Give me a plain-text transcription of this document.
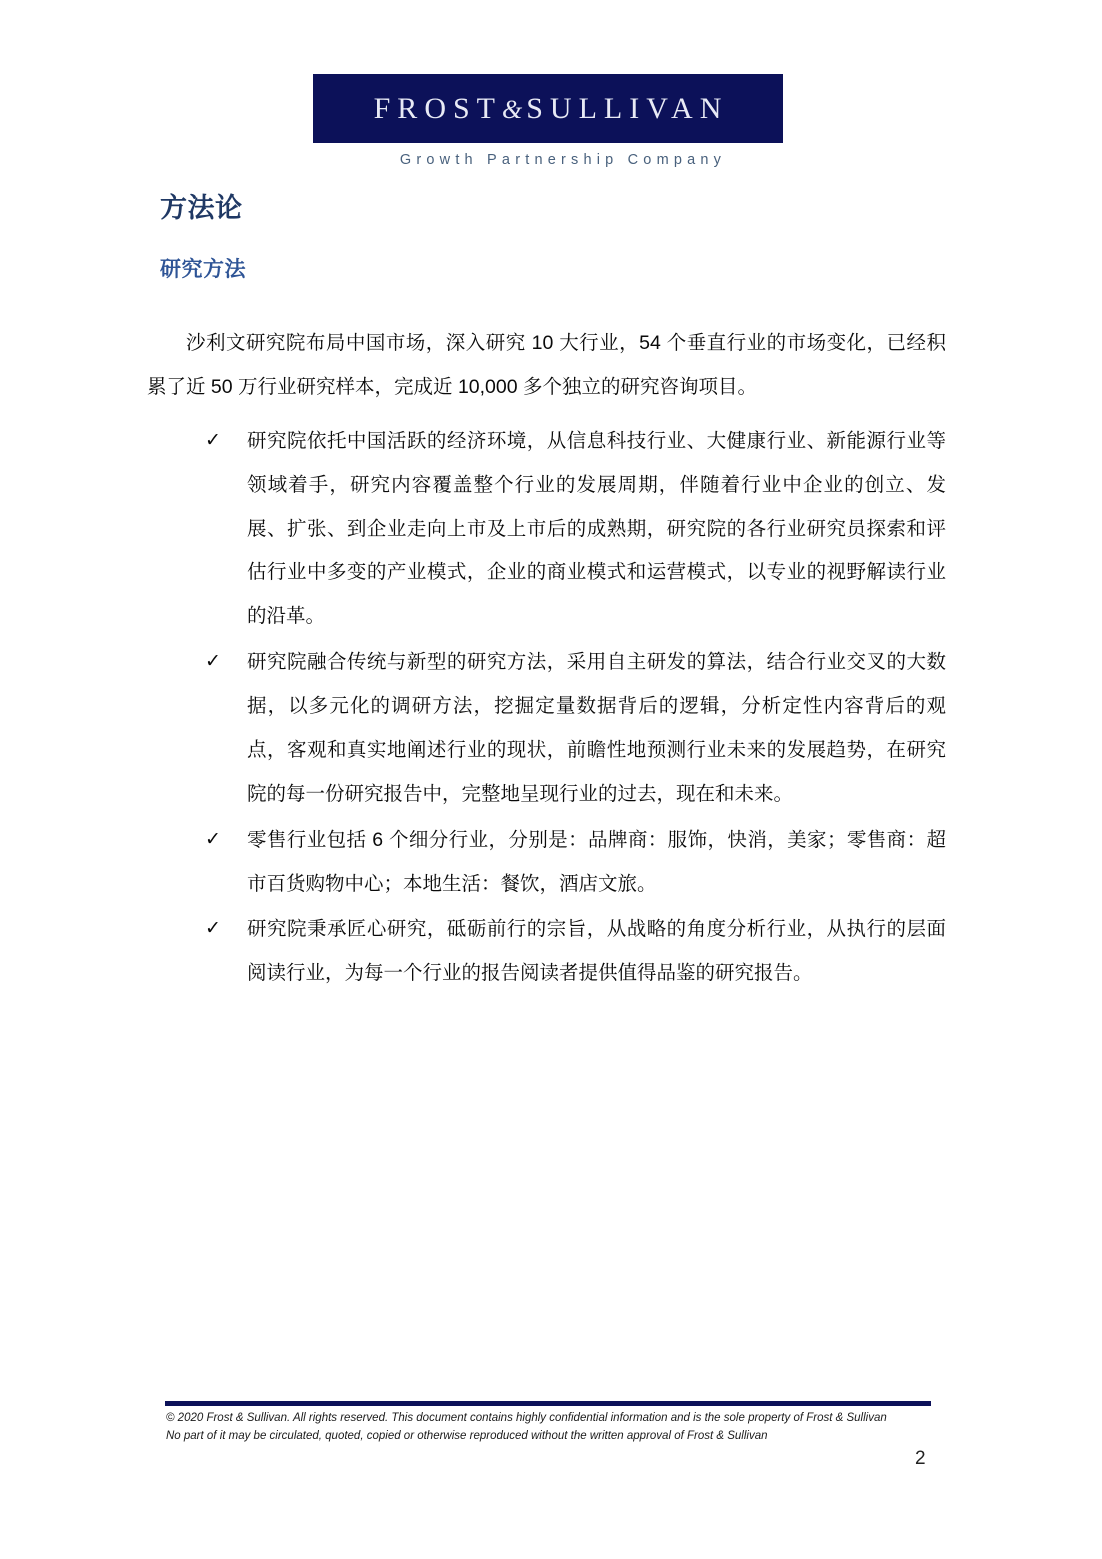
FROST&SULLIVAN
Growth Partnership Company
方法论
研究方法

沙利文研究院布局中国市场，深入研究 10 大行业，54 个垂直行业的市场变化，已经积累了近 50 万行业研究样本，完成近 10,000 多个独立的研究咨询项目。

✓	研究院依托中国活跃的经济环境，从信息科技行业、大健康行业、新能源行业等领域着手，研究内容覆盖整个行业的发展周期，伴随着行业中企业的创立、发展、扩张、到企业走向上市及上市后的成熟期，研究院的各行业研究员探索和评估行业中多变的产业模式，企业的商业模式和运营模式，以专业的视野解读行业的沿革。

✓	研究院融合传统与新型的研究方法，采用自主研发的算法，结合行业交叉的大数据，以多元化的调研方法，挖掘定量数据背后的逻辑，分析定性内容背后的观点，客观和真实地阐述行业的现状，前瞻性地预测行业未来的发展趋势，在研究院的每一份研究报告中，完整地呈现行业的过去，现在和未来。

✓	零售行业包括 6 个细分行业，分别是：品牌商：服饰，快消，美家；零售商：超市百货购物中心；本地生活：餐饮，酒店文旅。

✓	研究院秉承匠心研究，砥砺前行的宗旨，从战略的角度分析行业，从执行的层面阅读行业，为每一个行业的报告阅读者提供值得品鉴的研究报告。

© 2020 Frost & Sullivan. All rights reserved. This document contains highly confidential information and is the sole property of Frost & Sullivan
No part of it may be circulated, quoted, copied or otherwise reproduced without the written approval of Frost & Sullivan
2
